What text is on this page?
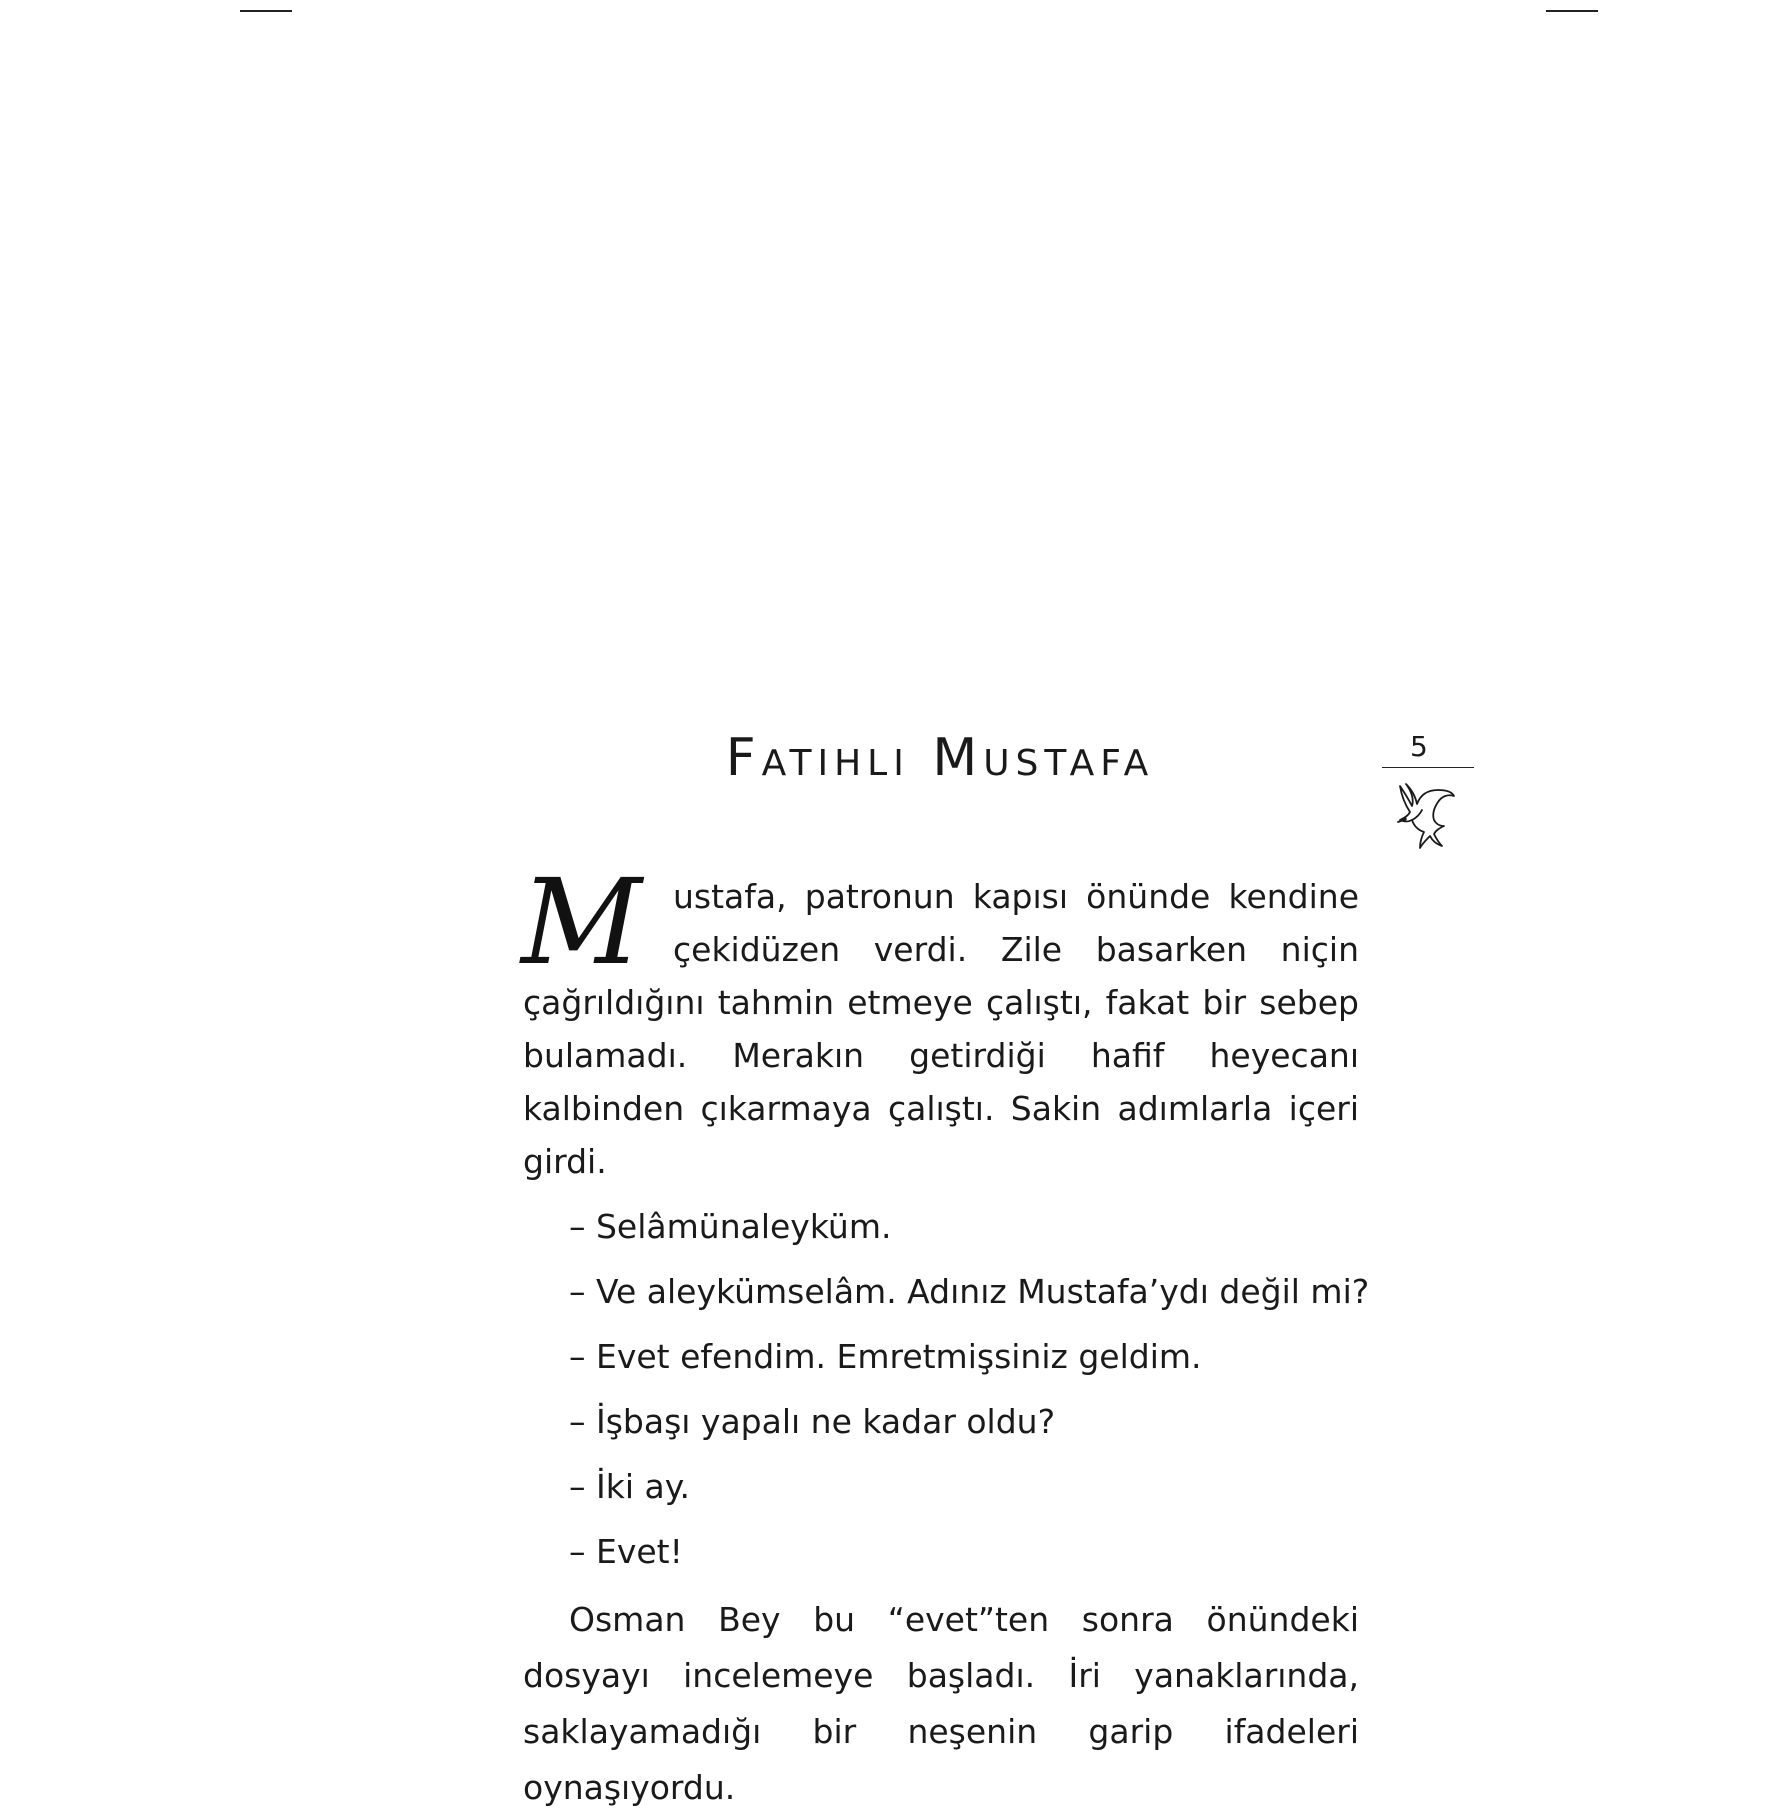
Fatihli Mustafa	5

M	ustafa, patronun kapısı önünde kendine çekidüzen verdi. Zile basarken niçin çağrıldığını tahmin etmeye çalıştı, fakat bir sebep bulamadı. Merakın getirdiği hafif heyecanı kalbinden çıkarmaya çalıştı. Sakin adımlarla içeri girdi.

– Selâmünaleyküm.

– Ve aleykümselâm. Adınız Mustafa’ydı değil mi?

– Evet efendim. Emretmişsiniz geldim.

– İşbaşı yapalı ne kadar oldu?

– İki ay.

– Evet!

Osman Bey bu “evet”ten sonra önündeki dosyayı incelemeye başladı. İri yanaklarında, saklayamadığı bir neşenin garip ifadeleri oynaşıyordu.
